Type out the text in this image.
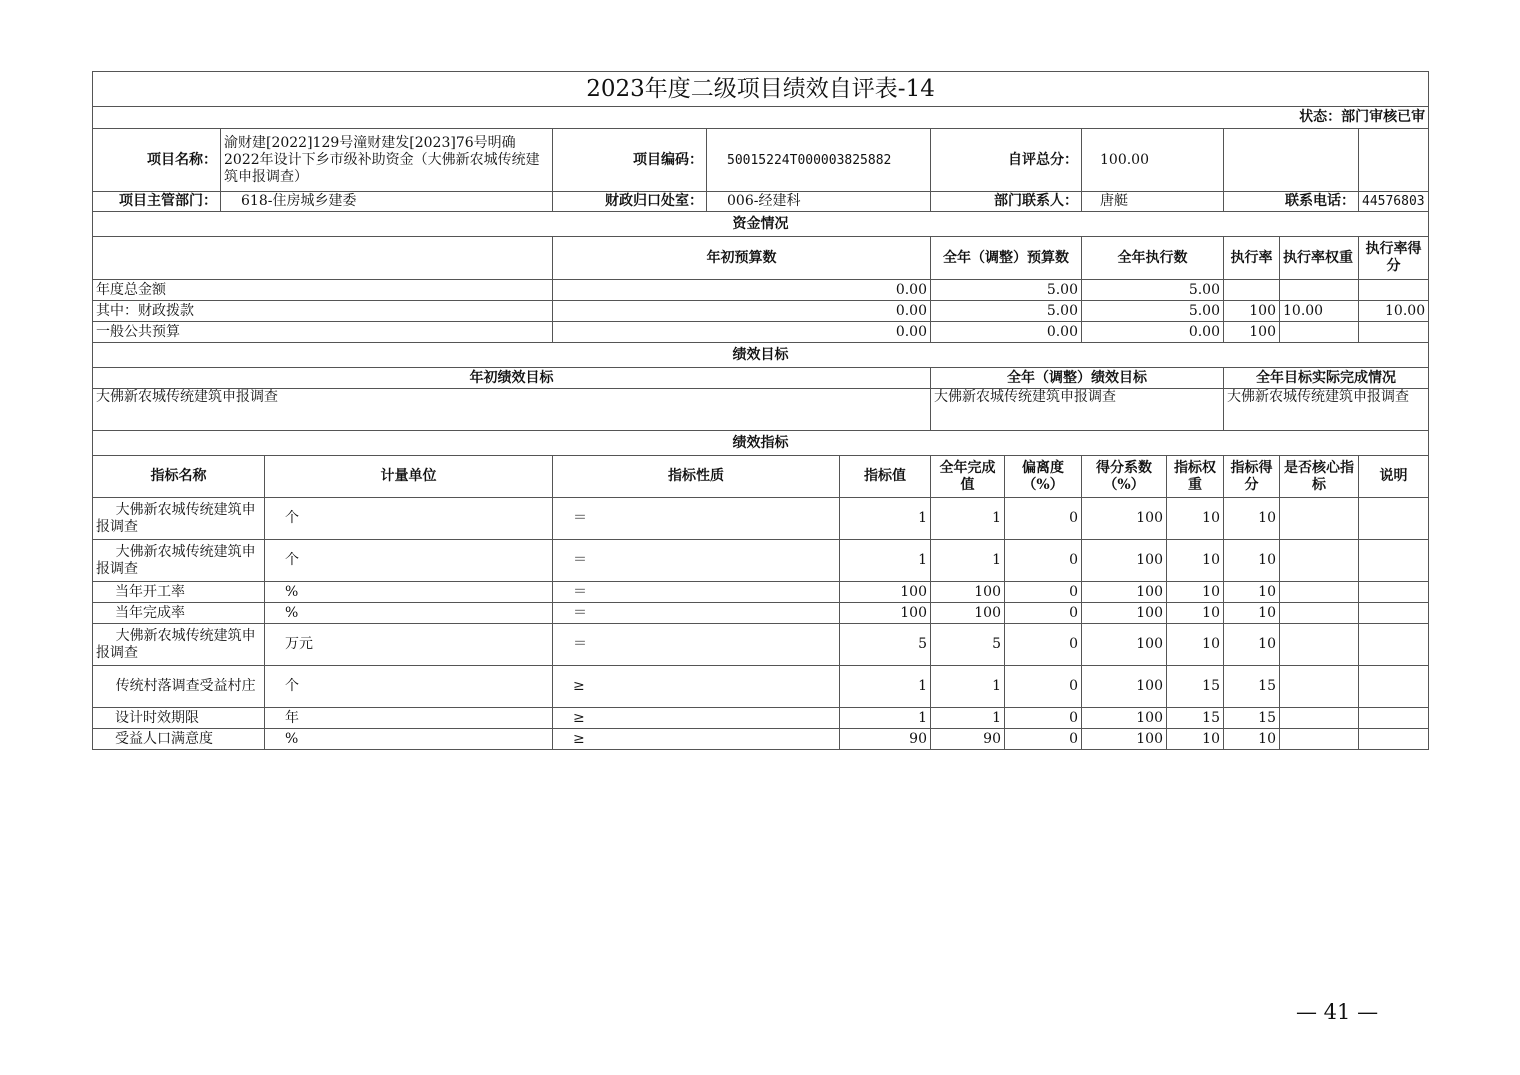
2023年度二级项目绩效自评表-14												
状态：部门审核已审												
项目名称：	渝财建[2022]129号潼财建发[2023]76号明确2022年设计下乡市级补助资金（大佛新农城传统建筑申报调查）		项目编码：	50015224T000003825882		自评总分：		100.00				
项目主管部门：	618-住房城乡建委		财政归口处室：	006-经建科		部门联系人：		唐艇		联系电话：		44576803
资金情况												
			年初预算数			全年（调整）预算数		全年执行数		执行率	执行率权重	执行率得分
年度总金额			0.00			5.00		5.00				
其中：财政拨款			0.00			5.00		5.00		100	10.00	10.00
一般公共预算			0.00			0.00		0.00		100		
绩效目标												
年初绩效目标						全年（调整）绩效目标				全年目标实际完成情况		
大佛新农城传统建筑申报调查						大佛新农城传统建筑申报调查				大佛新农城传统建筑申报调查		
绩效指标												
指标名称		计量单位	指标性质		指标值	全年完成值	偏离度（%）	得分系数（%）	指标权重	指标得分	是否核心指标	说明
大佛新农城传统建筑申报调查		个	＝		1	1	0	100	10	10		
大佛新农城传统建筑申报调查		个	＝		1	1	0	100	10	10		
当年开工率		%	＝		100	100	0	100	10	10		
当年完成率		%	＝		100	100	0	100	10	10		
大佛新农城传统建筑申报调查		万元	＝		5	5	0	100	10	10		
传统村落调查受益村庄		个	≥		1	1	0	100	15	15		
设计时效期限		年	≥		1	1	0	100	15	15		
受益人口满意度		%	≥		90	90	0	100	10	10		
— 41 —
